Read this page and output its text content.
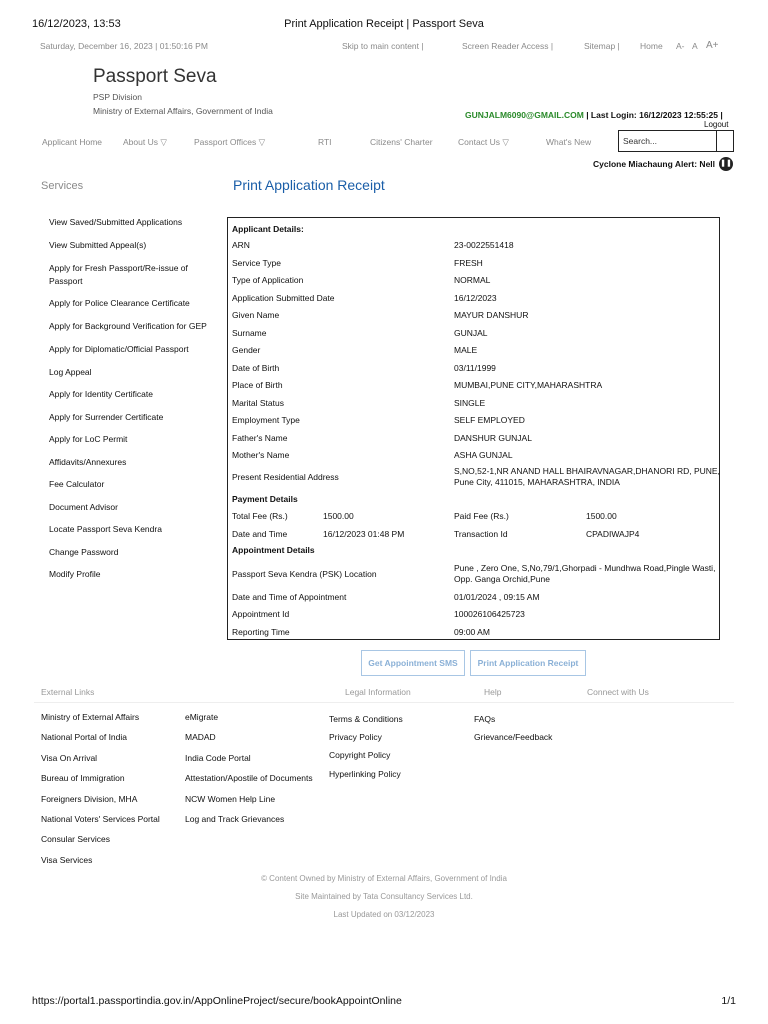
16/12/2023, 13:53	Print Application Receipt | Passport Seva
Saturday, December 16, 2023 | 01:50:16 PM	Skip to main content |	Screen Reader Access |	Sitemap | Home A- A A+
Passport Seva
PSP Division
Ministry of External Affairs, Government of India	GUNJALM6090@GMAIL.COM | Last Login: 16/12/2023 12:55:25 |
Logout
Search...
Applicant Home About Us ▽	Passport Offices ▽	RTI	Citizens' Charter	Contact Us ▽	What's New
Cyclone Miachaung Alert: Nell ❚❚
Services
View Saved/Submitted Applications
View Submitted Appeal(s)
Apply for Fresh Passport/Re-issue of Passport
Apply for Police Clearance Certificate
Apply for Background Verification for GEP
Apply for Diplomatic/Official Passport
Log Appeal
Apply for Identity Certificate
Apply for Surrender Certificate
Apply for LoC Permit
Affidavits/Annexures
Fee Calculator
Document Advisor
Locate Passport Seva Kendra
Change Password
Modify Profile
Print Application Receipt
Applicant Details:
ARN	23-0022551418
Service Type	FRESH
Type of Application	NORMAL
Application Submitted Date	16/12/2023
Given Name	MAYUR DANSHUR
Surname	GUNJAL
Gender	MALE
Date of Birth	03/11/1999
Place of Birth	MUMBAI,PUNE CITY,MAHARASHTRA
Marital Status	SINGLE
Employment Type	SELF EMPLOYED
Father's Name	DANSHUR GUNJAL
Mother's Name	ASHA GUNJAL
Present Residential Address
S,NO,52-1,NR ANAND HALL BHAIRAVNAGAR,DHANORI RD, PUNE, Pune City, 411015, MAHARASHTRA, INDIA
Payment Details
Total Fee (Rs.)	1500.00	Paid Fee (Rs.)	1500.00
Date and Time	16/12/2023 01:48 PM	Transaction Id	CPADIWAJP4
Appointment Details
Passport Seva Kendra (PSK) Location
Pune , Zero One, S,No,79/1,Ghorpadi - Mundhwa Road,Pingle Wasti, Opp. Ganga Orchid,Pune
Date and Time of Appointment	01/01/2024 , 09:15 AM
Appointment Id	100026106425723
Reporting Time	09:00 AM
Get Appointment SMS	Print Application Receipt
External Links	Legal Information	Help	Connect with Us
Ministry of External Affairs
National Portal of India
Visa On Arrival
Bureau of Immigration
Foreigners Division, MHA
National Voters' Services Portal
Consular Services
Visa Services
eMigrate
MADAD
India Code Portal
Attestation/Apostile of Documents
NCW Women Help Line
Log and Track Grievances
Terms & Conditions
Privacy Policy
Copyright Policy
Hyperlinking Policy
FAQs
Grievance/Feedback
© Content Owned by Ministry of External Affairs, Government of India
Site Maintained by Tata Consultancy Services Ltd.
Last Updated on 03/12/2023
https://portal1.passportindia.gov.in/AppOnlineProject/secure/bookAppointOnline	1/1
